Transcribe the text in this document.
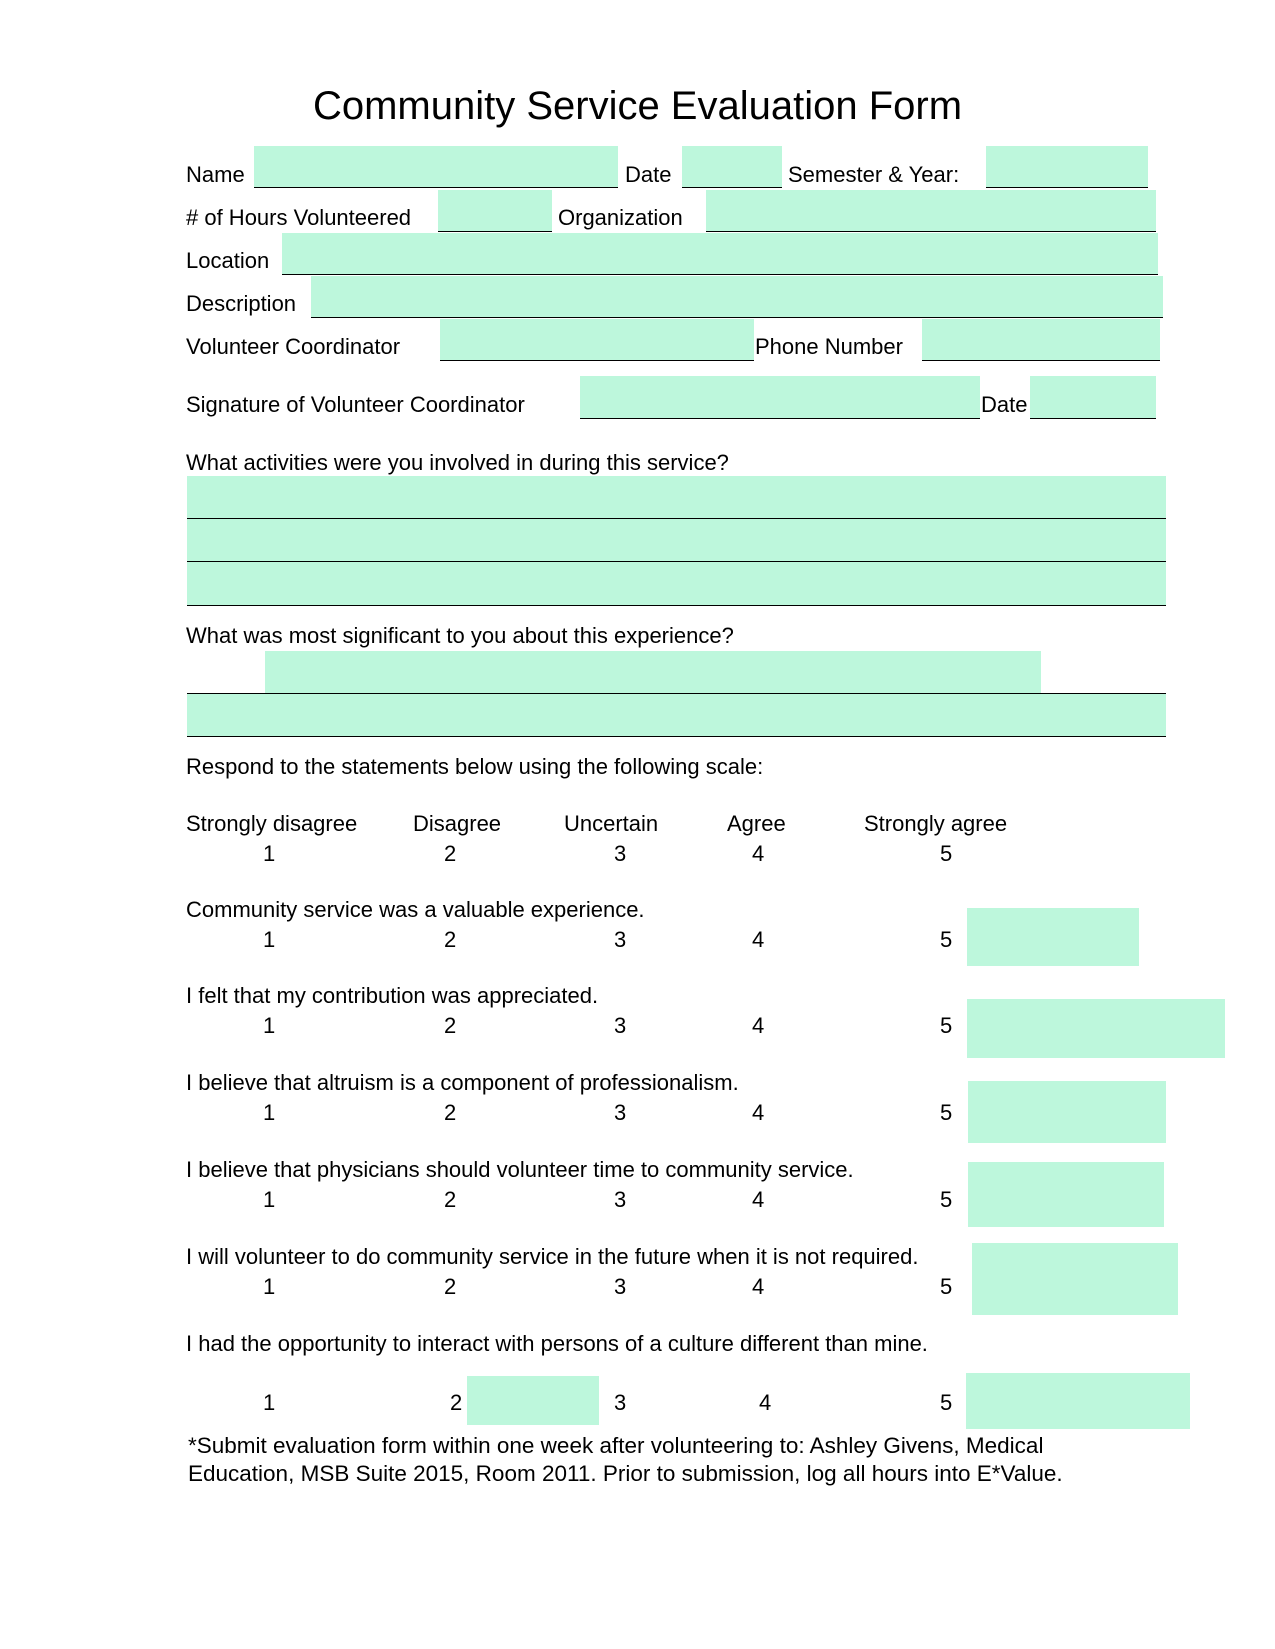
Community Service Evaluation Form
Name	Date	Semester & Year:
# of Hours Volunteered	Organization
Location
Description
Volunteer Coordinator	Phone Number
Signature of Volunteer Coordinator	Date
What activities were you involved in during this service?
What was most significant to you about this experience?
Respond to the statements below using the following scale:
Strongly disagree	Disagree	Uncertain	Agree	Strongly agree
1	2	3	4	5
Community service was a valuable experience.
1	2	3	4	5
I felt that my contribution was appreciated.
1	2	3	4	5
I believe that altruism is a component of professionalism.
1	2	3	4	5
I believe that physicians should volunteer time to community service.
1	2	3	4	5
I will volunteer to do community service in the future when it is not required.
1	2	3	4	5
I had the opportunity to interact with persons of a culture different than mine.
1	2	3	4	5
*Submit evaluation form within one week after volunteering to: Ashley Givens, Medical Education, MSB Suite 2015, Room 2011. Prior to submission, log all hours into E*Value.
